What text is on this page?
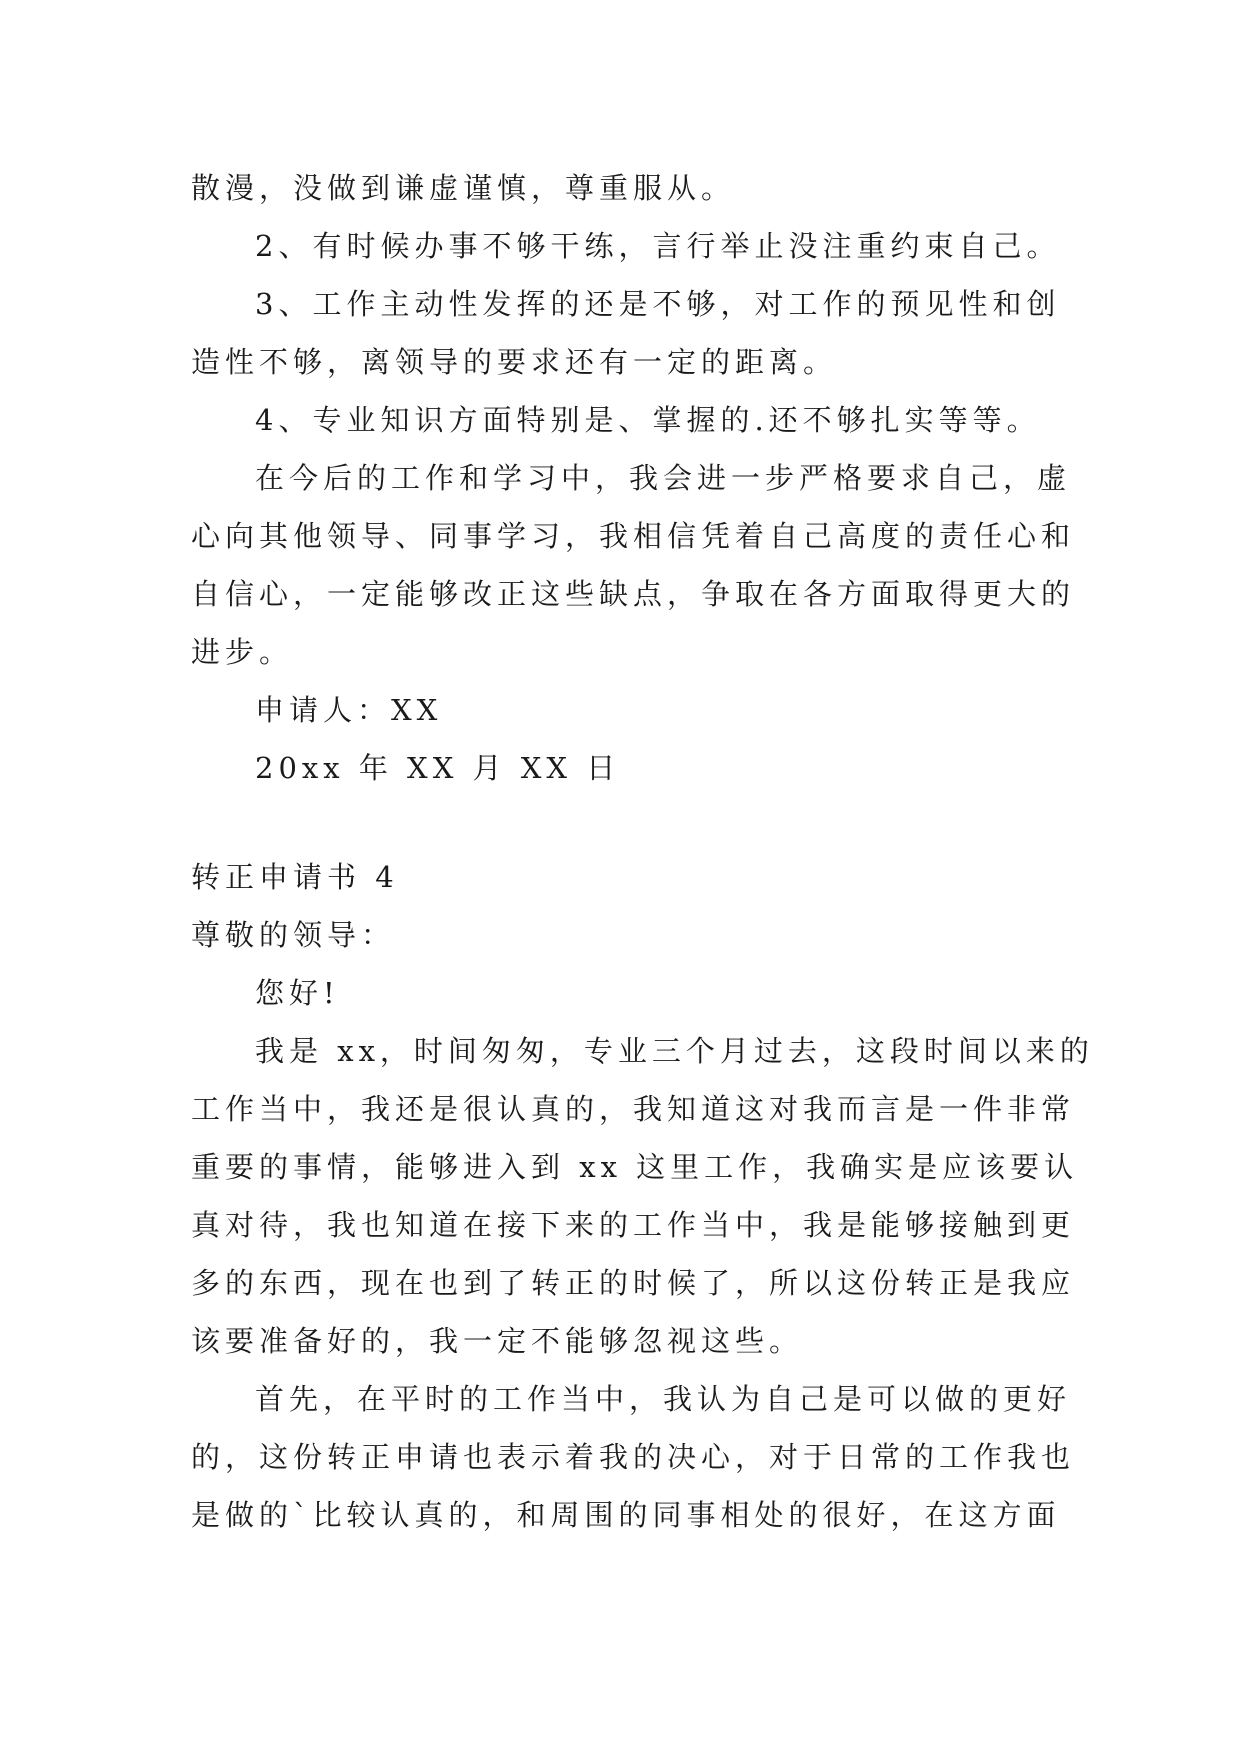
散漫，没做到谦虚谨慎，尊重服从。
2、有时候办事不够干练，言行举止没注重约束自己。
3、工作主动性发挥的还是不够，对工作的预见性和创
造性不够，离领导的要求还有一定的距离。
4、专业知识方面特别是、掌握的.还不够扎实等等。
在今后的工作和学习中，我会进一步严格要求自己，虚
心向其他领导、同事学习，我相信凭着自己高度的责任心和
自信心，一定能够改正这些缺点，争取在各方面取得更大的
进步。
申请人：XX
20xx 年 XX 月 XX 日
转正申请书 4
尊敬的领导：
您好!
我是 xx，时间匆匆，专业三个月过去，这段时间以来的
工作当中，我还是很认真的，我知道这对我而言是一件非常
重要的事情，能够进入到 xx 这里工作，我确实是应该要认
真对待，我也知道在接下来的工作当中，我是能够接触到更
多的东西，现在也到了转正的时候了，所以这份转正是我应
该要准备好的，我一定不能够忽视这些。
首先，在平时的工作当中，我认为自己是可以做的更好
的，这份转正申请也表示着我的决心，对于日常的工作我也
是做的`比较认真的，和周围的同事相处的很好，在这方面
